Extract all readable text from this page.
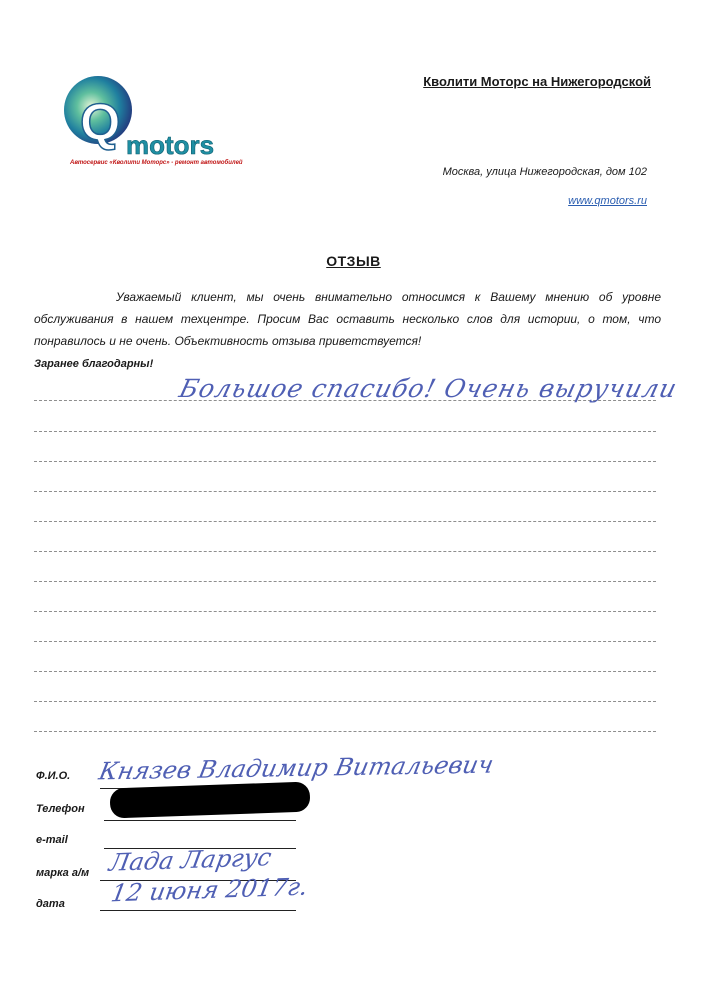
Q motors
Автосервис «Кволити Моторс» - ремонт автомобилей
Кволити Моторс на Нижегородской
Москва, улица Нижегородская, дом 102
www.qmotors.ru
ОТЗЫВ
Уважаемый клиент, мы очень внимательно относимся к Вашему мнению об уровне обслуживания в нашем техцентре. Просим Вас оставить несколько слов для истории, о том, что понравилось и не очень. Объективность отзыва приветствуется!
Заранее благодарны!
Большое спасибо! Очень выручили
Ф.И.О. Князев Владимир Витальевич
Телефон
e-mail
марка а/м Лада Ларгус
дата 12 июня 2017г.
